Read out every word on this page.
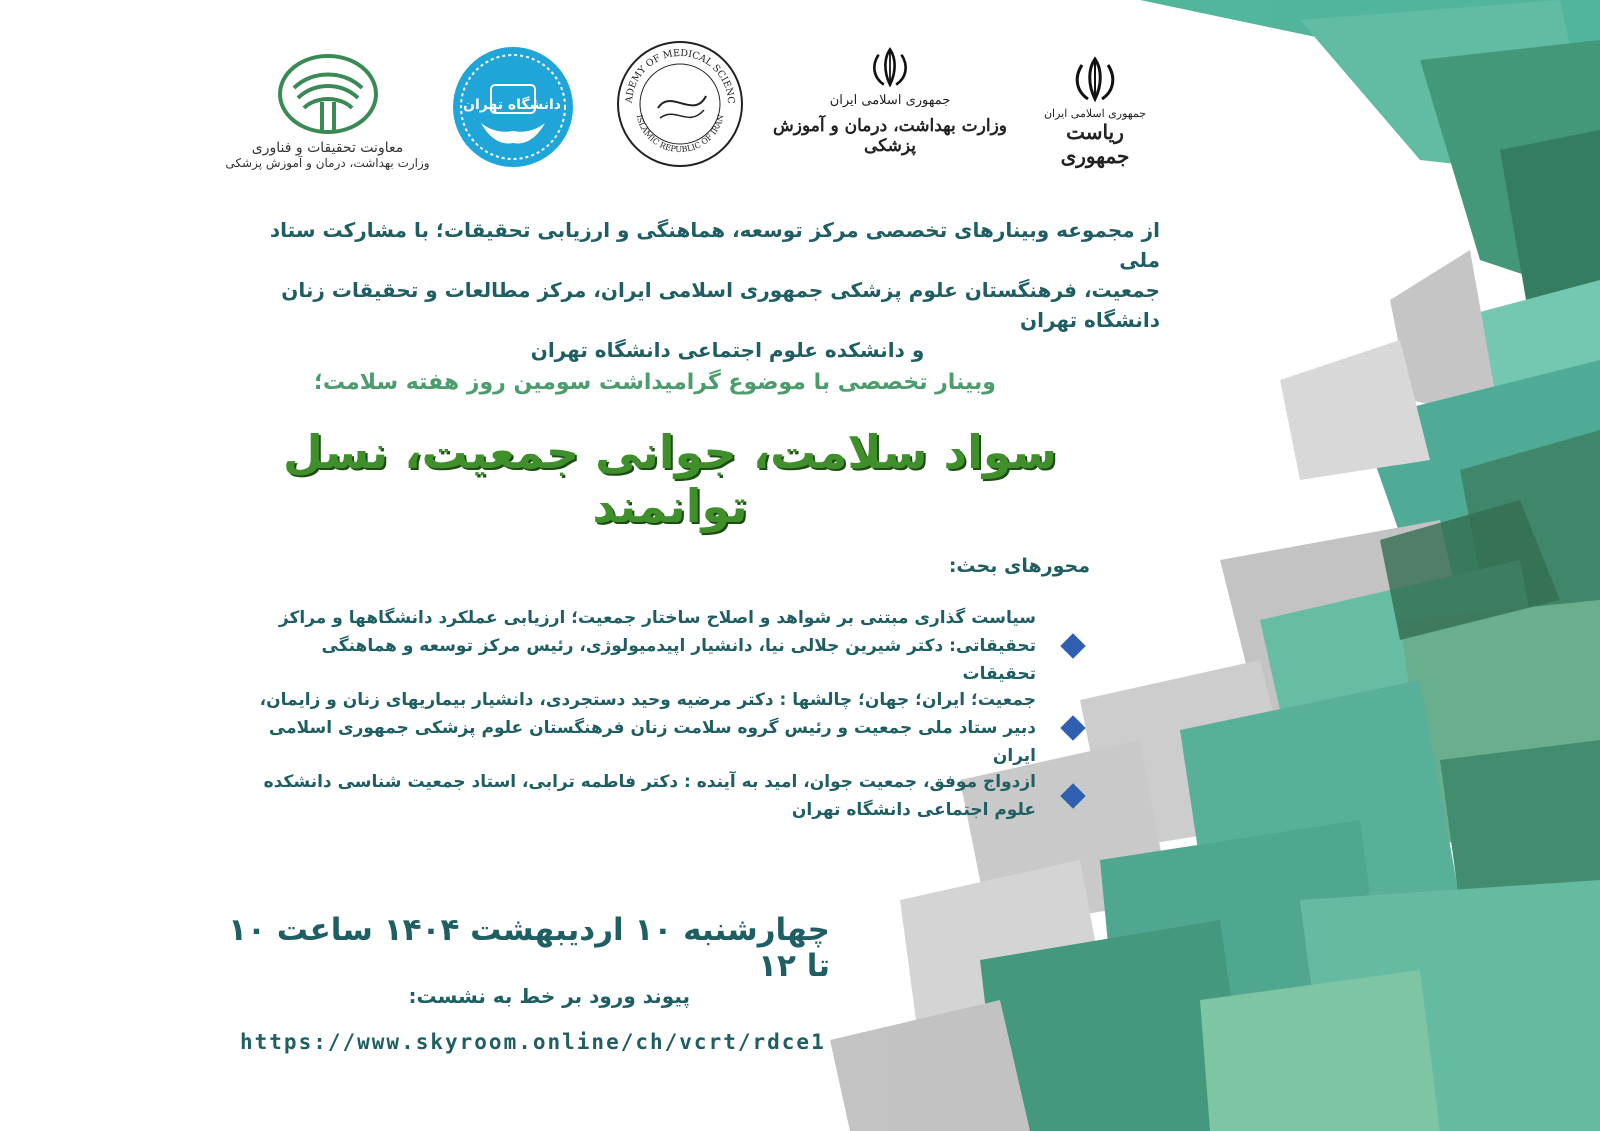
جمهوری اسلامی ایران
ریاست جمهوری
جمهوری اسلامی ایران
وزارت بهداشت، درمان و آموزش پزشکی
ADEMY OF MEDICAL SCIENC
ISLAMIC REPUBLIC OF IRAN
دانشگاه تهران
معاونت تحقیقات و فناوری
وزارت بهداشت، درمان و آموزش پزشکی
از مجموعه وبینارهای تخصصی مرکز توسعه، هماهنگی و ارزیابی تحقیقات؛ با مشارکت ستاد ملی
جمعیت، فرهنگستان علوم پزشکی جمهوری اسلامی ایران، مرکز مطالعات و تحقیقات زنان دانشگاه تهران
و دانشکده علوم اجتماعی دانشگاه تهران
وبینار تخصصی با موضوع گرامیداشت سومین روز هفته سلامت؛
سواد سلامت، جوانی جمعیت، نسل توانمند
محورهای بحث:
سیاست گذاری مبتنی بر شواهد و اصلاح ساختار جمعیت؛ ارزیابی عملکرد دانشگاهها و مراکز
تحقیقاتی: دکتر شیرین جلالی نیا، دانشیار اپیدمیولوژی، رئیس مرکز توسعه و هماهنگی تحقیقات
جمعیت؛ ایران؛ جهان؛ چالشها : دکتر مرضیه وحید دستجردی، دانشیار بیماریهای زنان و زایمان،
دبیر ستاد ملی جمعیت و رئیس گروه سلامت زنان فرهنگستان علوم پزشکی جمهوری اسلامی ایران
ازدواج موفق، جمعیت جوان، امید به آینده : دکتر فاطمه ترابی، استاد جمعیت شناسی دانشکده
علوم اجتماعی دانشگاه تهران
چهارشنبه ۱۰ اردیبهشت ۱۴۰۴ ساعت ۱۰ تا ۱۲
پیوند ورود بر خط به نشست:
https://www.skyroom.online/ch/vcrt/rdce1
